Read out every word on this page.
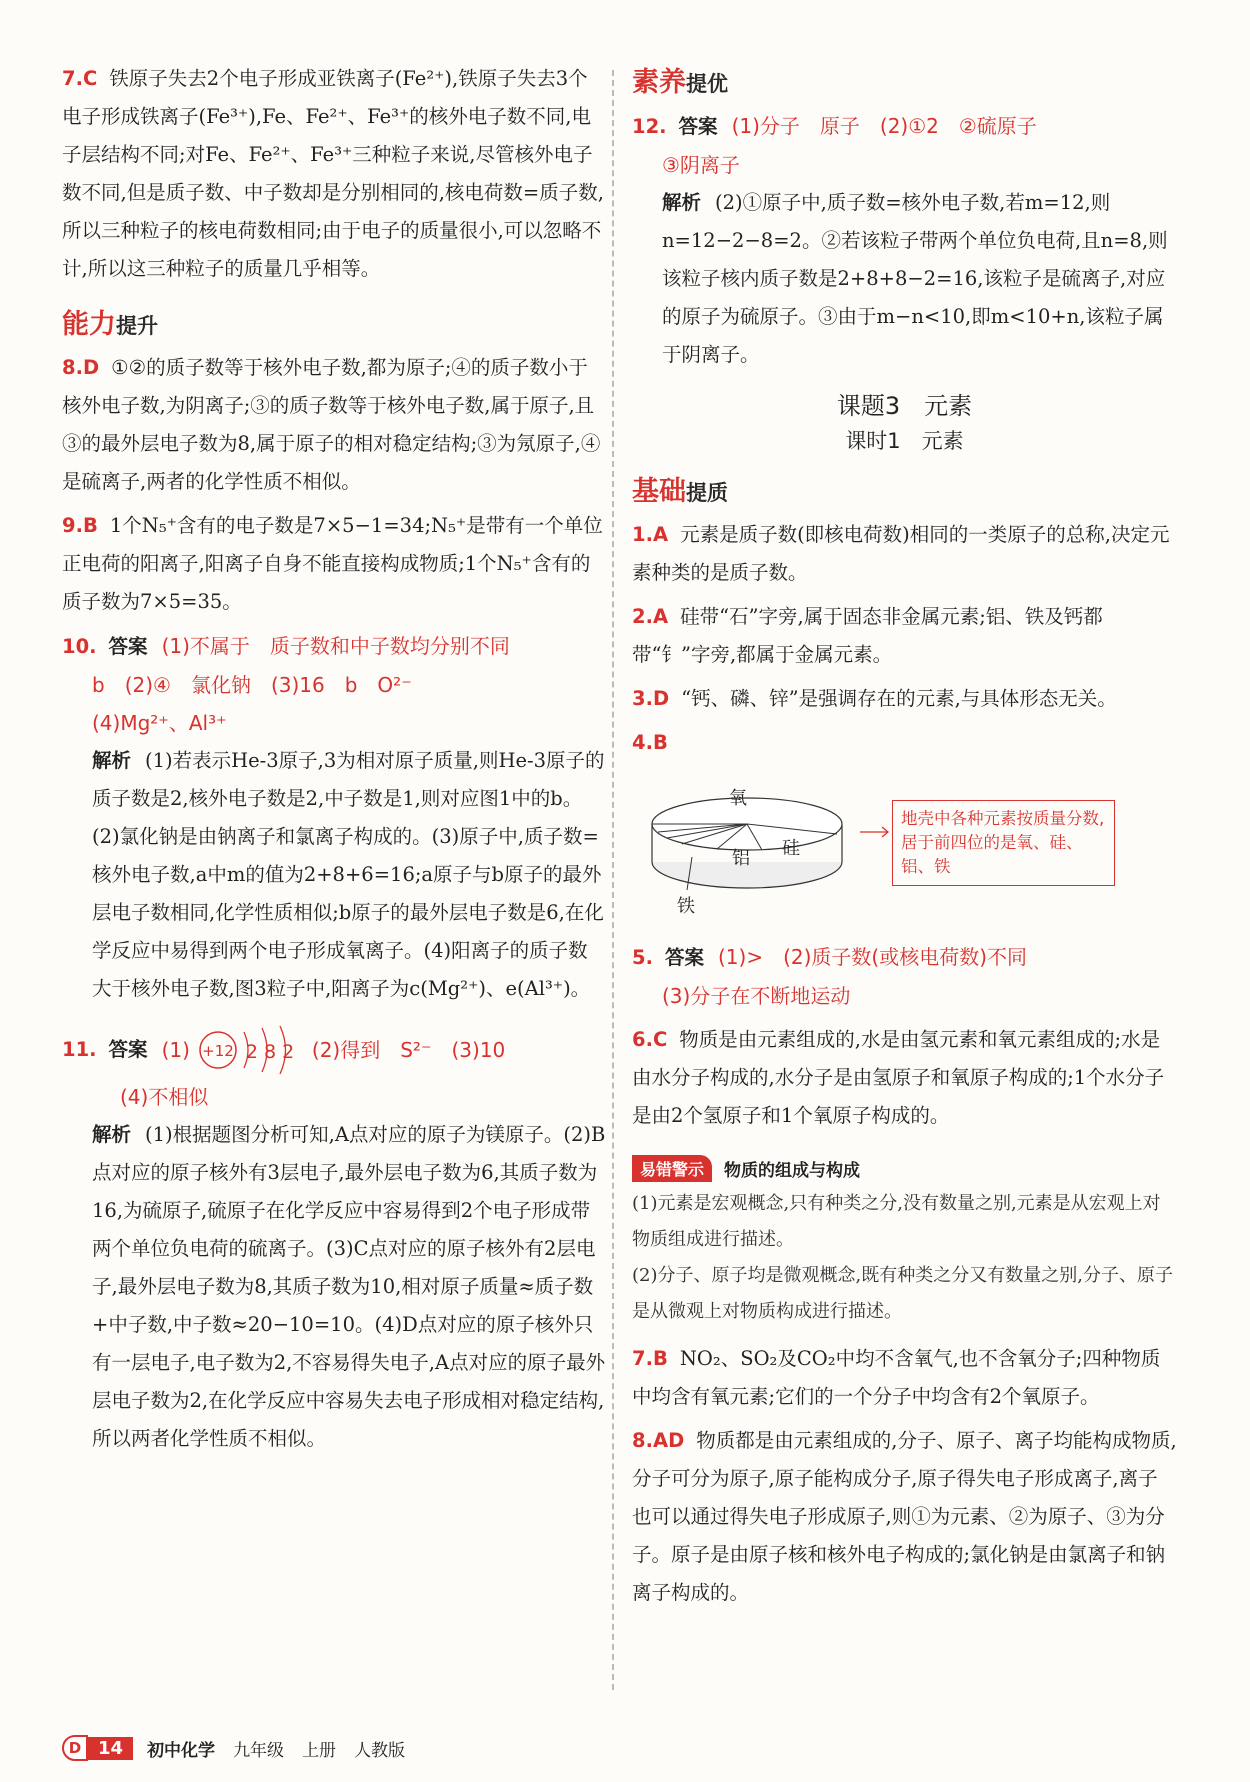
7.C 铁原子失去2个电子形成亚铁离子(Fe²⁺),铁原子失去3个电子形成铁离子(Fe³⁺),Fe、Fe²⁺、Fe³⁺的核外电子数不同,电子层结构不同;对Fe、Fe²⁺、Fe³⁺三种粒子来说,尽管核外电子数不同,但是质子数、中子数却是分别相同的,核电荷数=质子数,所以三种粒子的核电荷数相同;由于电子的质量很小,可以忽略不计,所以这三种粒子的质量几乎相等。

能力提升

8.D ①②的质子数等于核外电子数,都为原子;④的质子数小于核外电子数,为阴离子;③的质子数等于核外电子数,属于原子,且③的最外层电子数为8,属于原子的相对稳定结构;③为氖原子,④是硫离子,两者的化学性质不相似。

9.B 1个N₅⁺含有的电子数是7×5−1=34;N₅⁺是带有一个单位正电荷的阳离子,阳离子自身不能直接构成物质;1个N₅⁺含有的质子数为7×5=35。

10. 答案 (1)不属于　质子数和中子数均分别不同
b　(2)④　氯化钠　(3)16　b　O²⁻
(4)Mg²⁺、Al³⁺
解析 (1)若表示He-3原子,3为相对原子质量,则He-3原子的质子数是2,核外电子数是2,中子数是1,则对应图1中的b。(2)氯化钠是由钠离子和氯离子构成的。(3)原子中,质子数=核外电子数,a中m的值为2+8+6=16;a原子与b原子的最外层电子数相同,化学性质相似;b原子的最外层电子数是6,在化学反应中易得到两个电子形成氧离子。(4)阳离子的质子数大于核外电子数,图3粒子中,阳离子为c(Mg²⁺)、e(Al³⁺)。
11. 答案 (1) +12 2 8 2 (2)得到　S²⁻　(3)10
(4)不相似
解析 (1)根据题图分析可知,A点对应的原子为镁原子。(2)B点对应的原子核外有3层电子,最外层电子数为6,其质子数为16,为硫原子,硫原子在化学反应中容易得到2个电子形成带两个单位负电荷的硫离子。(3)C点对应的原子核外有2层电子,最外层电子数为8,其质子数为10,相对原子质量≈质子数+中子数,中子数≈20−10=10。(4)D点对应的原子核外只有一层电子,电子数为2,不容易得失电子,A点对应的原子最外层电子数为2,在化学反应中容易失去电子形成相对稳定结构,所以两者化学性质不相似。
素养提优
12. 答案 (1)分子　原子　(2)①2　②硫原子
③阴离子
解析 (2)①原子中,质子数=核外电子数,若m=12,则n=12−2−8=2。②若该粒子带两个单位负电荷,且n=8,则该粒子核内质子数是2+8+8−2=16,该粒子是硫离子,对应的原子为硫原子。③由于m−n<10,即m<10+n,该粒子属于阴离子。
课题3　元素
课时1　元素
基础提质

1.A 元素是质子数(即核电荷数)相同的一类原子的总称,决定元素种类的是质子数。

2.A 硅带“石”字旁,属于固态非金属元素;铝、铁及钙都带“钅”字旁,都属于金属元素。

3.D “钙、磷、锌”是强调存在的元素,与具体形态无关。

4.B

氧
硅
铝
铁
地壳中各种元素按质量分数,居于前四位的是氧、硅、铝、铁
5. 答案 (1)>　(2)质子数(或核电荷数)不同
(3)分子在不断地运动

6.C 物质是由元素组成的,水是由氢元素和氧元素组成的;水是由水分子构成的,水分子是由氢原子和氧原子构成的;1个水分子是由2个氢原子和1个氧原子构成的。

易错警示	物质的组成与构成

(1)元素是宏观概念,只有种类之分,没有数量之别,元素是从宏观上对物质组成进行描述。

(2)分子、原子均是微观概念,既有种类之分又有数量之别,分子、原子是从微观上对物质构成进行描述。

7.B NO₂、SO₂及CO₂中均不含氧气,也不含氧分子;四种物质中均含有氧元素;它们的一个分子中均含有2个氧原子。

8.AD 物质都是由元素组成的,分子、原子、离子均能构成物质,分子可分为原子,原子能构成分子,原子得失电子形成离子,离子也可以通过得失电子形成原子,则①为元素、②为原子、③为分子。原子是由原子核和核外电子构成的;氯化钠是由氯离子和钠离子构成的。

D 14	初中化学 九年级 上册 人教版
